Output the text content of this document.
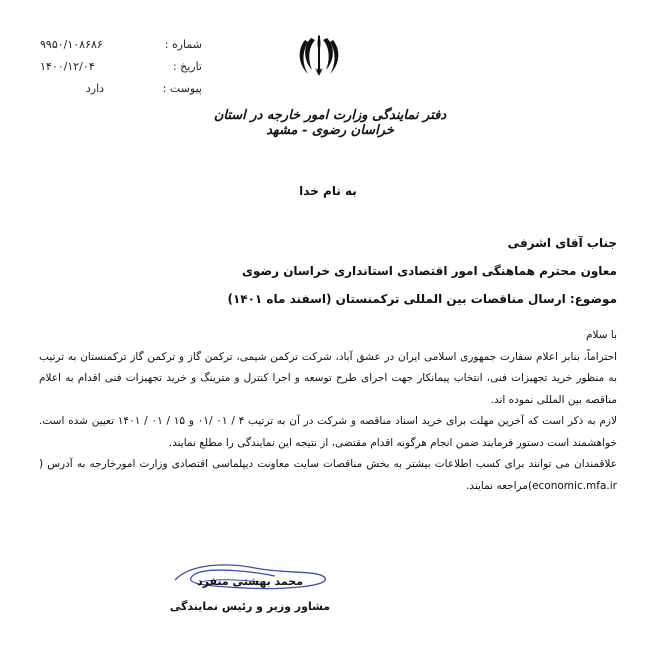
شماره :
۹۹۵۰/۱۰۸۶۸۶
تاریخ :
۱۴۰۰/۱۲/۰۴
پیوست :
دارد
دفتر نمایندگی وزارت امور خارجه در استان خراسان رضوی - مشهد
به نام خدا
جناب آقای اشرفی
معاون محترم هماهنگی امور اقتصادی استانداری خراسان رضوی
موضوع: ارسال مناقصات بین المللی ترکمنستان (اسفند ماه ۱۴۰۱)

با سلام

احتراماً، بنابر اعلام سفارت جمهوری اسلامی ایران در عشق آباد، شرکت ترکمن شیمی، ترکمن گاز و ترکمن گاز ترکمنستان به ترتیب به منظور خرید تجهیزات فنی، انتخاب پیمانکار جهت اجرای طرح توسعه و اجرا کنترل و مترینگ و خرید تجهیزات فنی اقدام به اعلام مناقصه بین المللی نموده اند.

لازم به ذکر است که آخرین مهلت برای خرید اسناد مناقصه و شرکت در آن به ترتیب ۴ / ۰۱ /۰۱ و ۱۵ / ۰۱ / ۱۴۰۱ تعیین شده است. خواهشمند است دستور فرمایند ضمن انجام هرگونه اقدام مقتضی، از نتیجه این نمایندگی را مطلع نمایند.

علاقمندان می توانند برای کسب اطلاعات بیشتر به بخش مناقصات سایت معاونت دیپلماسی اقتصادی وزارت امورخارجه به آدرس ( economic.mfa.ir)مراجعه نمایند.

محمد بهشتی منفرد
مشاور وزیر و رئیس نمایندگی
